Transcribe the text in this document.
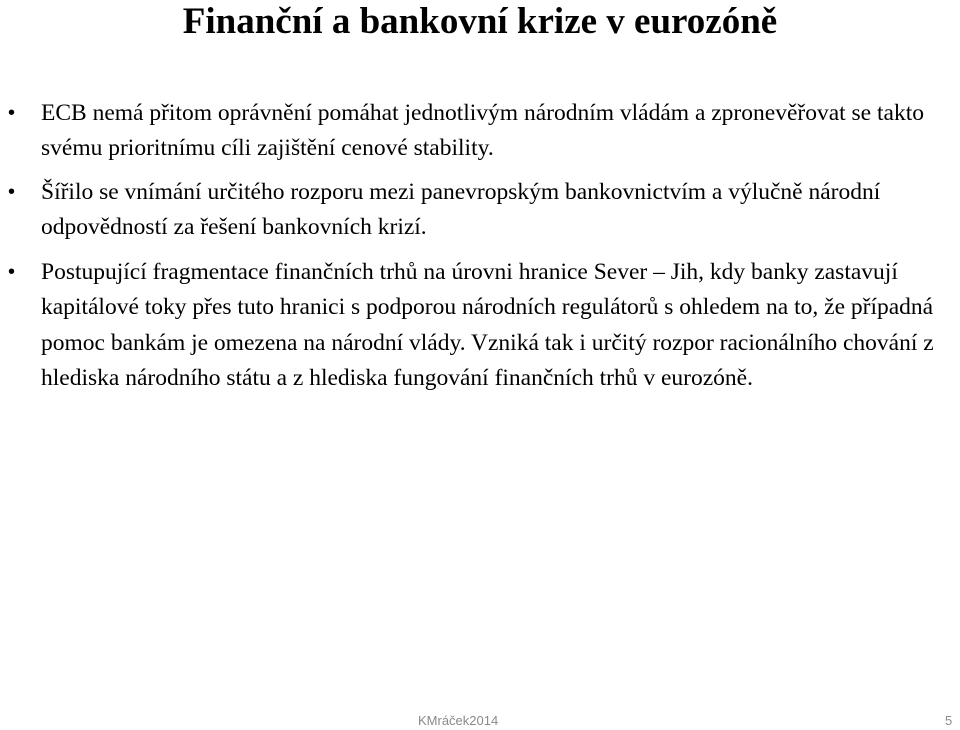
Finanční a bankovní krize v eurozóně
• ECB nemá přitom oprávnění pomáhat jednotlivým národním vládám a zpronevěřovat se takto svému prioritnímu cíli zajištění cenové stability.

• Šířilo se vnímání určitého rozporu mezi panevropským bankovnictvím a výlučně národní odpovědností za řešení bankovních krizí.

• Postupující fragmentace finančních trhů na úrovni hranice Sever – Jih, kdy banky zastavují kapitálové toky přes tuto hranici s podporou národních regulátorů s ohledem na to, že případná pomoc bankám je omezena na národní vlády. Vzniká tak i určitý rozpor racionálního chování z hlediska národního státu a z hlediska fungování finančních trhů v eurozóně.

KMráček2014	5
